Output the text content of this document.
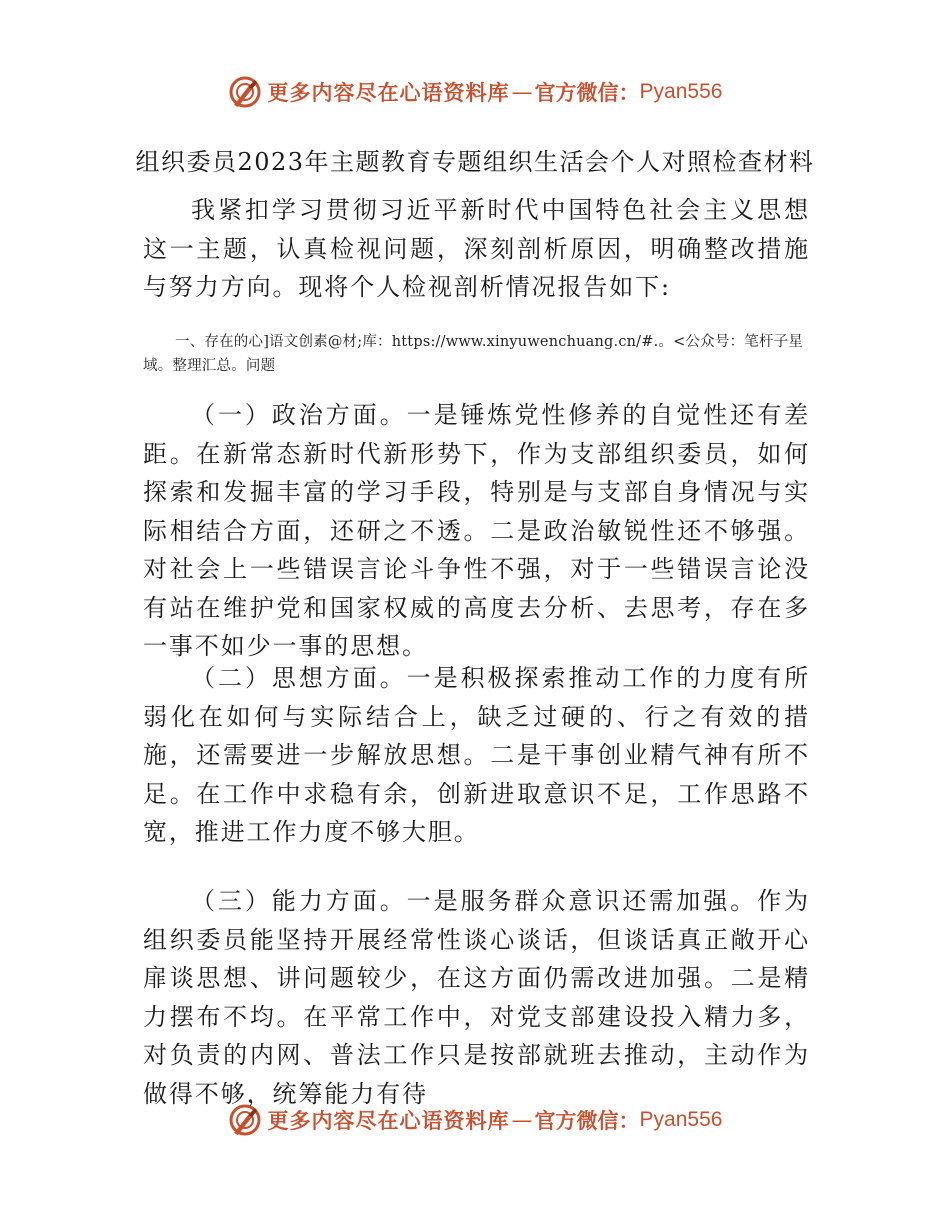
更多内容尽在心语资料库 — 官方微信： Pyan556
组织委员2023年主题教育专题组织生活会个人对照检查材料

我紧扣学习贯彻习近平新时代中国特色社会主义思想这一主题，认真检视问题，深刻剖析原因，明确整改措施与努力方向。现将个人检视剖析情况报告如下:

一、存在的心]语文创素@材;库：https://www.xinyuwenchuang.cn/#.。<公众号：笔杆子星域。整理汇总。问题

（一）政治方面。一是锤炼党性修养的自觉性还有差距。在新常态新时代新形势下，作为支部组织委员，如何探索和发掘丰富的学习手段，特别是与支部自身情况与实际相结合方面，还研之不透。二是政治敏锐性还不够强。对社会上一些错误言论斗争性不强，对于一些错误言论没有站在维护党和国家权威的高度去分析、去思考，存在多一事不如少一事的思想。

（二）思想方面。一是积极探索推动工作的力度有所弱化在如何与实际结合上，缺乏过硬的、行之有效的措施，还需要进一步解放思想。二是干事创业精气神有所不足。在工作中求稳有余，创新进取意识不足，工作思路不宽，推进工作力度不够大胆。

（三）能力方面。一是服务群众意识还需加强。作为组织委员能坚持开展经常性谈心谈话，但谈话真正敞开心扉谈思想、讲问题较少，在这方面仍需改进加强。二是精力摆布不均。在平常工作中，对党支部建设投入精力多，对负责的内网、普法工作只是按部就班去推动，主动作为做得不够，统筹能力有待

更多内容尽在心语资料库 — 官方微信： Pyan556
